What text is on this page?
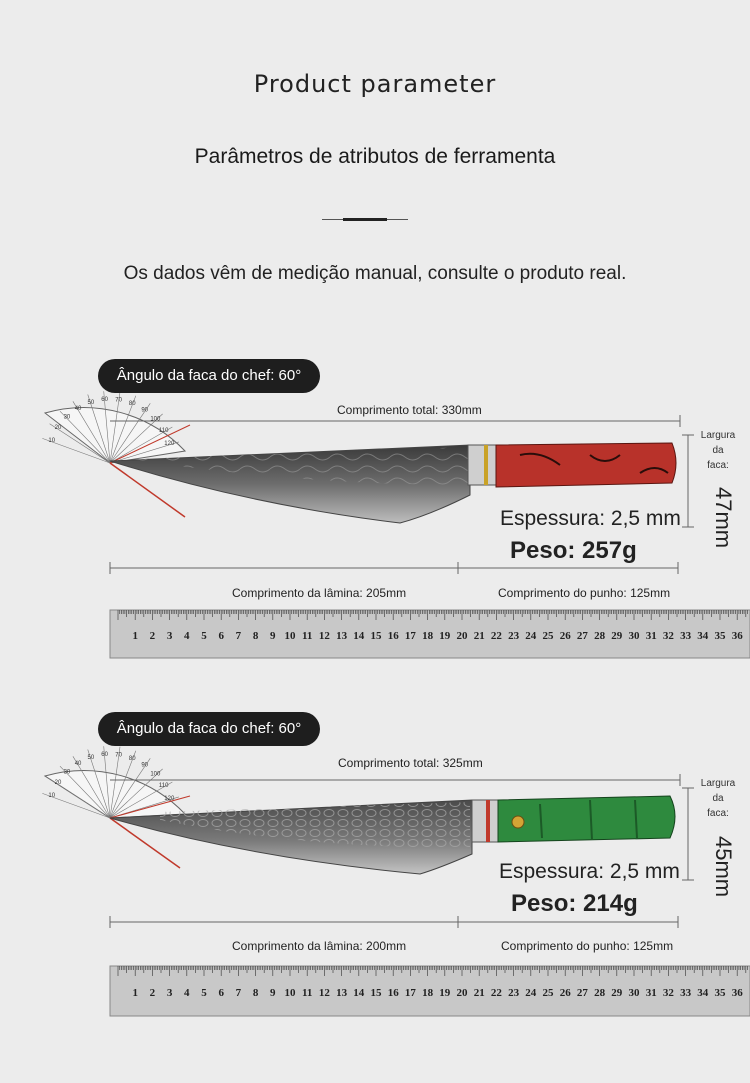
Product parameter
Parâmetros de atributos de ferramenta
Os dados vêm de medição manual, consulte o produto real.
10
20
30
40
50 60 70
80
90
100
110
120
1 2 3 4 5 6 7 8 9 10 11 12 13 14 15 16 17 18 19 20 21 22 23 24 25 26 27 28 29 30 31 32 33 34 35 36
Ângulo da faca do chef: 60°
Comprimento total: 330mm
Largura
da
faca:
47mm
Espessura: 2,5 mm
Peso: 257g
Comprimento da lâmina: 205mm	Comprimento do punho: 125mm
10
20
30
40
50 60 70
80
90
100
110
120
1 2 3 4 5 6 7 8 9 10 11 12 13 14 15 16 17 18 19 20 21 22 23 24 25 26 27 28 29 30 31 32 33 34 35 36
Ângulo da faca do chef: 60°
Comprimento total: 325mm
Largura
da
faca:
45mm
Espessura: 2,5 mm
Peso: 214g
Comprimento da lâmina: 200mm	Comprimento do punho: 125mm
